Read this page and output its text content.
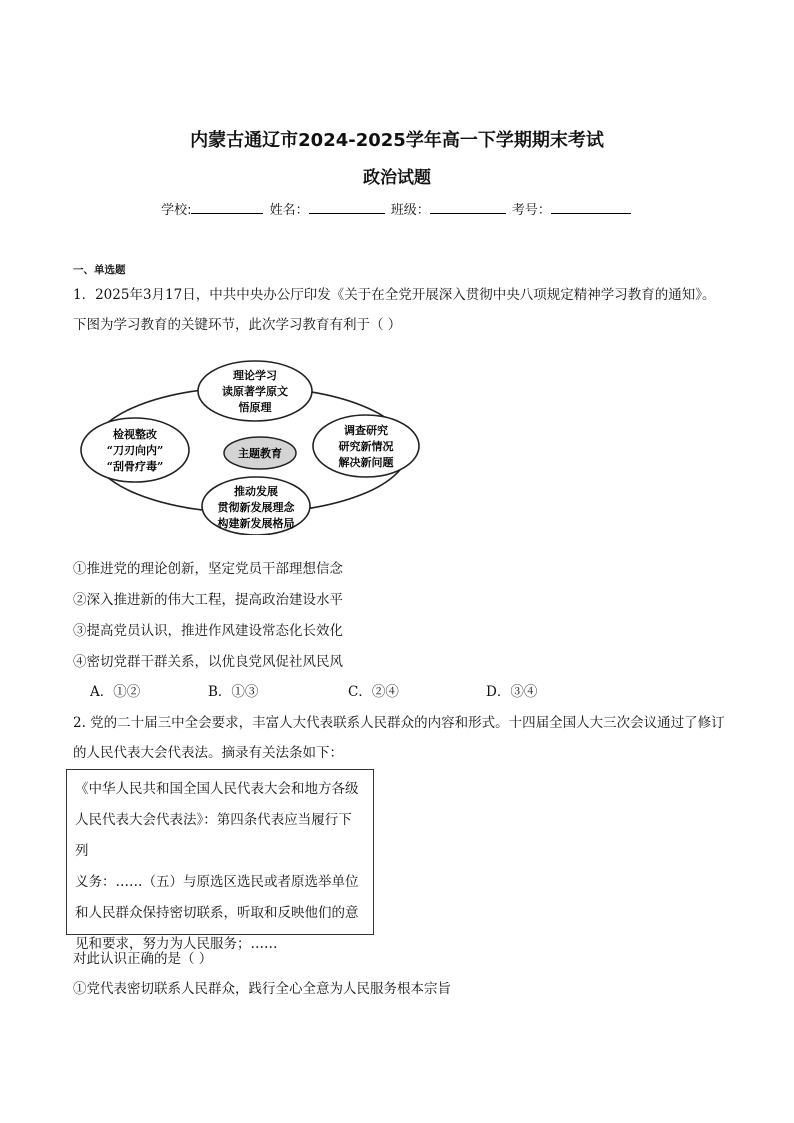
内蒙古通辽市2024-2025学年高一下学期期末考试
政治试题
学校:	姓名：	班级：	考号：
一、单选题
1．2025年3月17日，中共中央办公厅印发《关于在全党开展深入贯彻中央八项规定精神学习教育的通知》。下图为学习教育的关键环节，此次学习教育有利于（ ）
主题教育
理论学习
读原著学原文
悟原理
调查研究
研究新情况
解决新问题
推动发展
贯彻新发展理念
构建新发展格局
检视整改
“刀刃向内”
“刮骨疗毒”
①推进党的理论创新，坚定党员干部理想信念
②深入推进新的伟大工程，提高政治建设水平
③提高党员认识，推进作风建设常态化长效化
④密切党群干群关系，以优良党风促社风民风
A．①②	B．①③	C．②④	D．③④
2. 党的二十届三中全会要求，丰富人大代表联系人民群众的内容和形式。十四届全国人大三次会议通过了修订的人民代表大会代表法。摘录有关法条如下：
《中华人民共和国全国人民代表大会和地方各级
人民代表大会代表法》：第四条代表应当履行下列
义务：……（五）与原选区选民或者原选举单位
和人民群众保持密切联系，听取和反映他们的意
见和要求，努力为人民服务；……
对此认识正确的是（ ）
①党代表密切联系人民群众，践行全心全意为人民服务根本宗旨
